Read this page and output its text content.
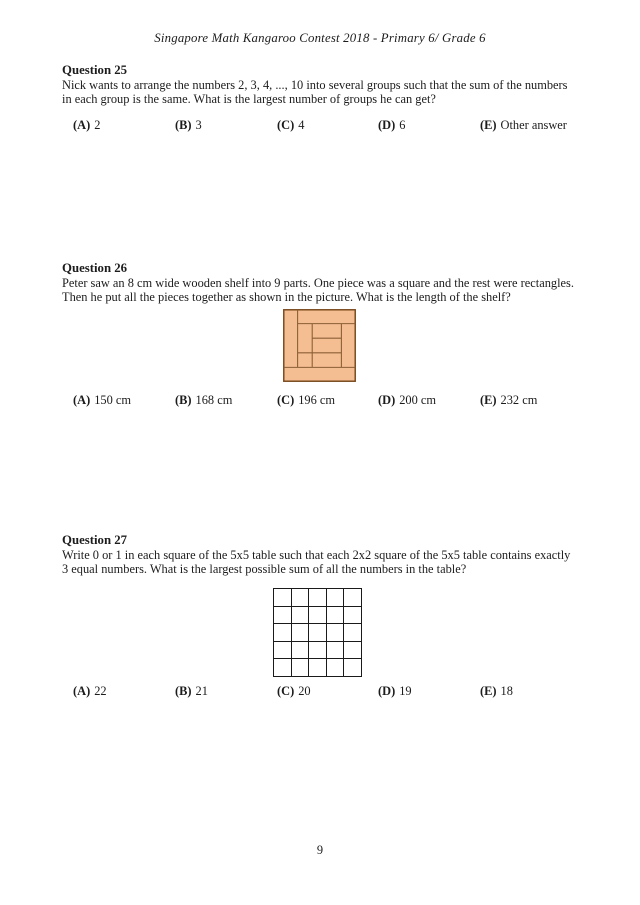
Singapore Math Kangaroo Contest 2018 - Primary 6/ Grade 6
Question 25
Nick wants to arrange the numbers 2, 3, 4, ..., 10 into several groups such that the sum of the numbers
in each group is the same. What is the largest number of groups he can get?
(A) 2	(B) 3	(C) 4	(D) 6	(E) Other answer
Question 26
Peter saw an 8 cm wide wooden shelf into 9 parts. One piece was a square and the rest were rectangles.
Then he put all the pieces together as shown in the picture. What is the length of the shelf?
(A) 150 cm	(B) 168 cm	(C) 196 cm	(D) 200 cm	(E) 232 cm
Question 27
Write 0 or 1 in each square of the 5x5 table such that each 2x2 square of the 5x5 table contains exactly
3 equal numbers. What is the largest possible sum of all the numbers in the table?
(A) 22	(B) 21	(C) 20	(D) 19	(E) 18
9
